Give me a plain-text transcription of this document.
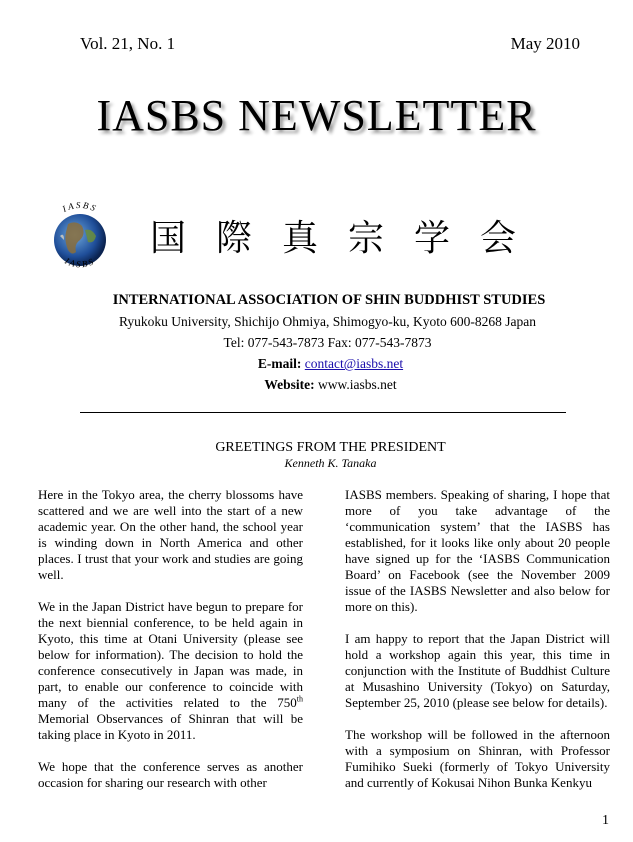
Vol. 21, No. 1	May 2010
IASBS NEWSLETTER
IASBS
IASBS
国 際 真 宗 学 会
INTERNATIONAL ASSOCIATION OF SHIN BUDDHIST STUDIES
Ryukoku University, Shichijo Ohmiya, Shimogyo-ku, Kyoto 600-8268 Japan
Tel: 077-543-7873 Fax: 077-543-7873
E-mail: contact@iasbs.net
Website: www.iasbs.net
GREETINGS FROM THE PRESIDENT
Kenneth K. Tanaka

Here in the Tokyo area, the cherry blossoms have scattered and we are well into the start of a new academic year. On the other hand, the school year is winding down in North America and other places. I trust that your work and studies are going well.

We in the Japan District have begun to prepare for the next biennial conference, to be held again in Kyoto, this time at Otani University (please see below for information). The decision to hold the conference consecutively in Japan was made, in part, to enable our conference to coincide with many of the activities related to the 750th Memorial Observances of Shinran that will be taking place in Kyoto in 2011.

We hope that the conference serves as another occasion for sharing our research with other

IASBS members. Speaking of sharing, I hope that more of you take advantage of the ‘communication system’ that the IASBS has established, for it looks like only about 20 people have signed up for the ‘IASBS Communication Board’ on Facebook (see the November 2009 issue of the IASBS Newsletter and also below for more on this).

I am happy to report that the Japan District will hold a workshop again this year, this time in conjunction with the Institute of Buddhist Culture at Musashino University (Tokyo) on Saturday, September 25, 2010 (please see below for details).

The workshop will be followed in the afternoon with a symposium on Shinran, with Professor Fumihiko Sueki (formerly of Tokyo University and currently of Kokusai Nihon Bunka Kenkyu

1
